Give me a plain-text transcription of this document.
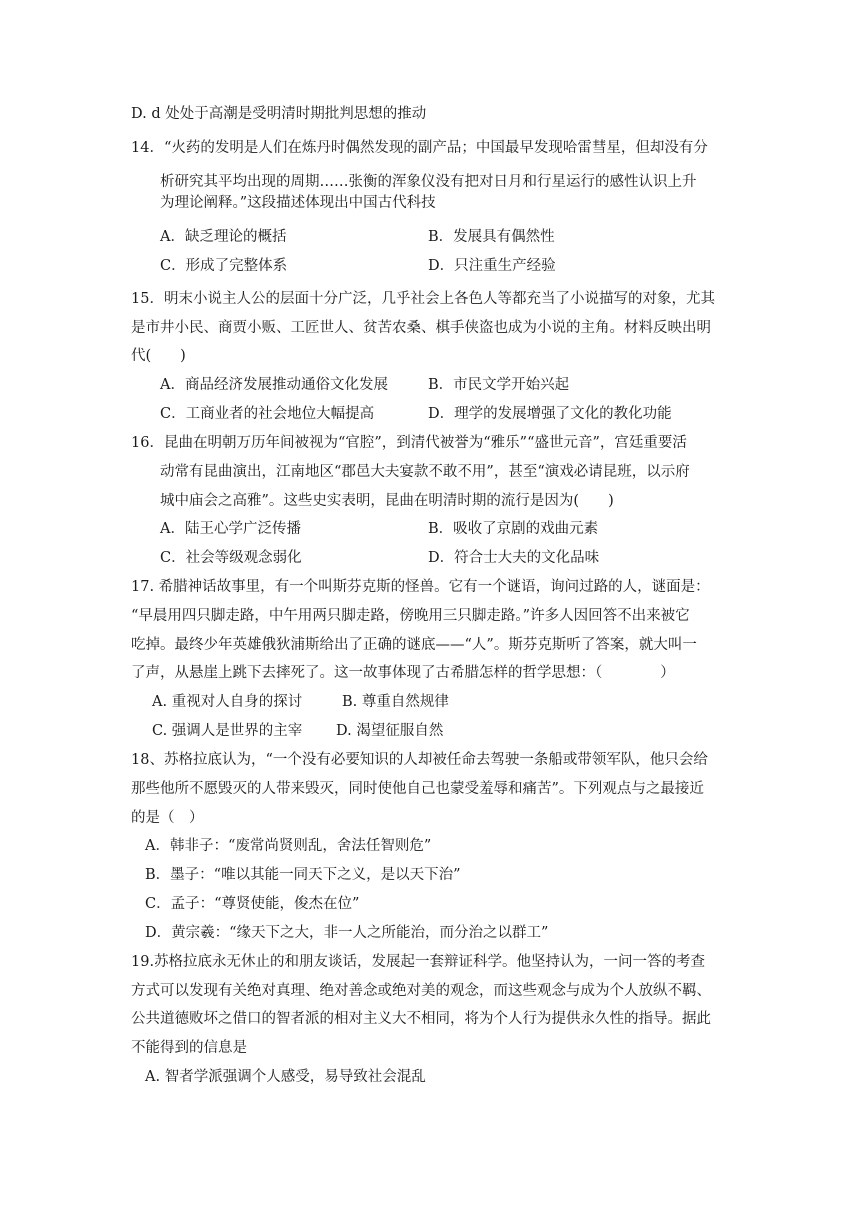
D. d 处处于高潮是受明清时期批判思想的推动
14．“火药的发明是人们在炼丹时偶然发现的副产品；中国最早发现哈雷彗星，但却没有分
析研究其平均出现的周期……张衡的浑象仪没有把对日月和行星运行的感性认识上升
为理论阐释。”这段描述体现出中国古代科技
A．缺乏理论的概括	B．发展具有偶然性
C．形成了完整体系	D．只注重生产经验
15．明末小说主人公的层面十分广泛，几乎社会上各色人等都充当了小说描写的对象，尤其
是市井小民、商贾小贩、工匠世人、贫苦农桑、棋手侠盗也成为小说的主角。材料反映出明
代(　　)
A．商品经济发展推动通俗文化发展	B．市民文学开始兴起
C．工商业者的社会地位大幅提高	D．理学的发展增强了文化的教化功能
16．昆曲在明朝万历年间被视为“官腔”，到清代被誉为“雅乐”“盛世元音”，宫廷重要活
动常有昆曲演出，江南地区“郡邑大夫宴款不敢不用”，甚至“演戏必请昆班，以示府
城中庙会之高雅”。这些史实表明，昆曲在明清时期的流行是因为(　　)
A．陆王心学广泛传播	B．吸收了京剧的戏曲元素
C．社会等级观念弱化	D．符合士大夫的文化品味
17. 希腊神话故事里，有一个叫斯芬克斯的怪兽。它有一个谜语，询问过路的人，谜面是：
“早晨用四只脚走路，中午用两只脚走路，傍晚用三只脚走路。”许多人因回答不出来被它
吃掉。最终少年英雄俄狄浦斯给出了正确的谜底——“人”。斯芬克斯听了答案，就大叫一
了声，从悬崖上跳下去摔死了。这一故事体现了古希腊怎样的哲学思想：（　　　　）
A. 重视对人自身的探讨	B. 尊重自然规律
C. 强调人是世界的主宰 D. 渴望征服自然
18、苏格拉底认为，“一个没有必要知识的人却被任命去驾驶一条船或带领军队，他只会给
那些他所不愿毁灭的人带来毁灭，同时使他自己也蒙受羞辱和痛苦”。下列观点与之最接近
的是（　）
A．韩非子：“废常尚贤则乱，舍法任智则危”
B．墨子：“唯以其能一同天下之义，是以天下治”
C．孟子：“尊贤使能，俊杰在位”
D．黄宗羲：“缘天下之大，非一人之所能治，而分治之以群工”
19.苏格拉底永无休止的和朋友谈话，发展起一套辩证科学。他坚持认为，一问一答的考查
方式可以发现有关绝对真理、绝对善念或绝对美的观念，而这些观念与成为个人放纵不羁、
公共道德败坏之借口的智者派的相对主义大不相同，将为个人行为提供永久性的指导。据此
不能得到的信息是
A. 智者学派强调个人感受，易导致社会混乱
